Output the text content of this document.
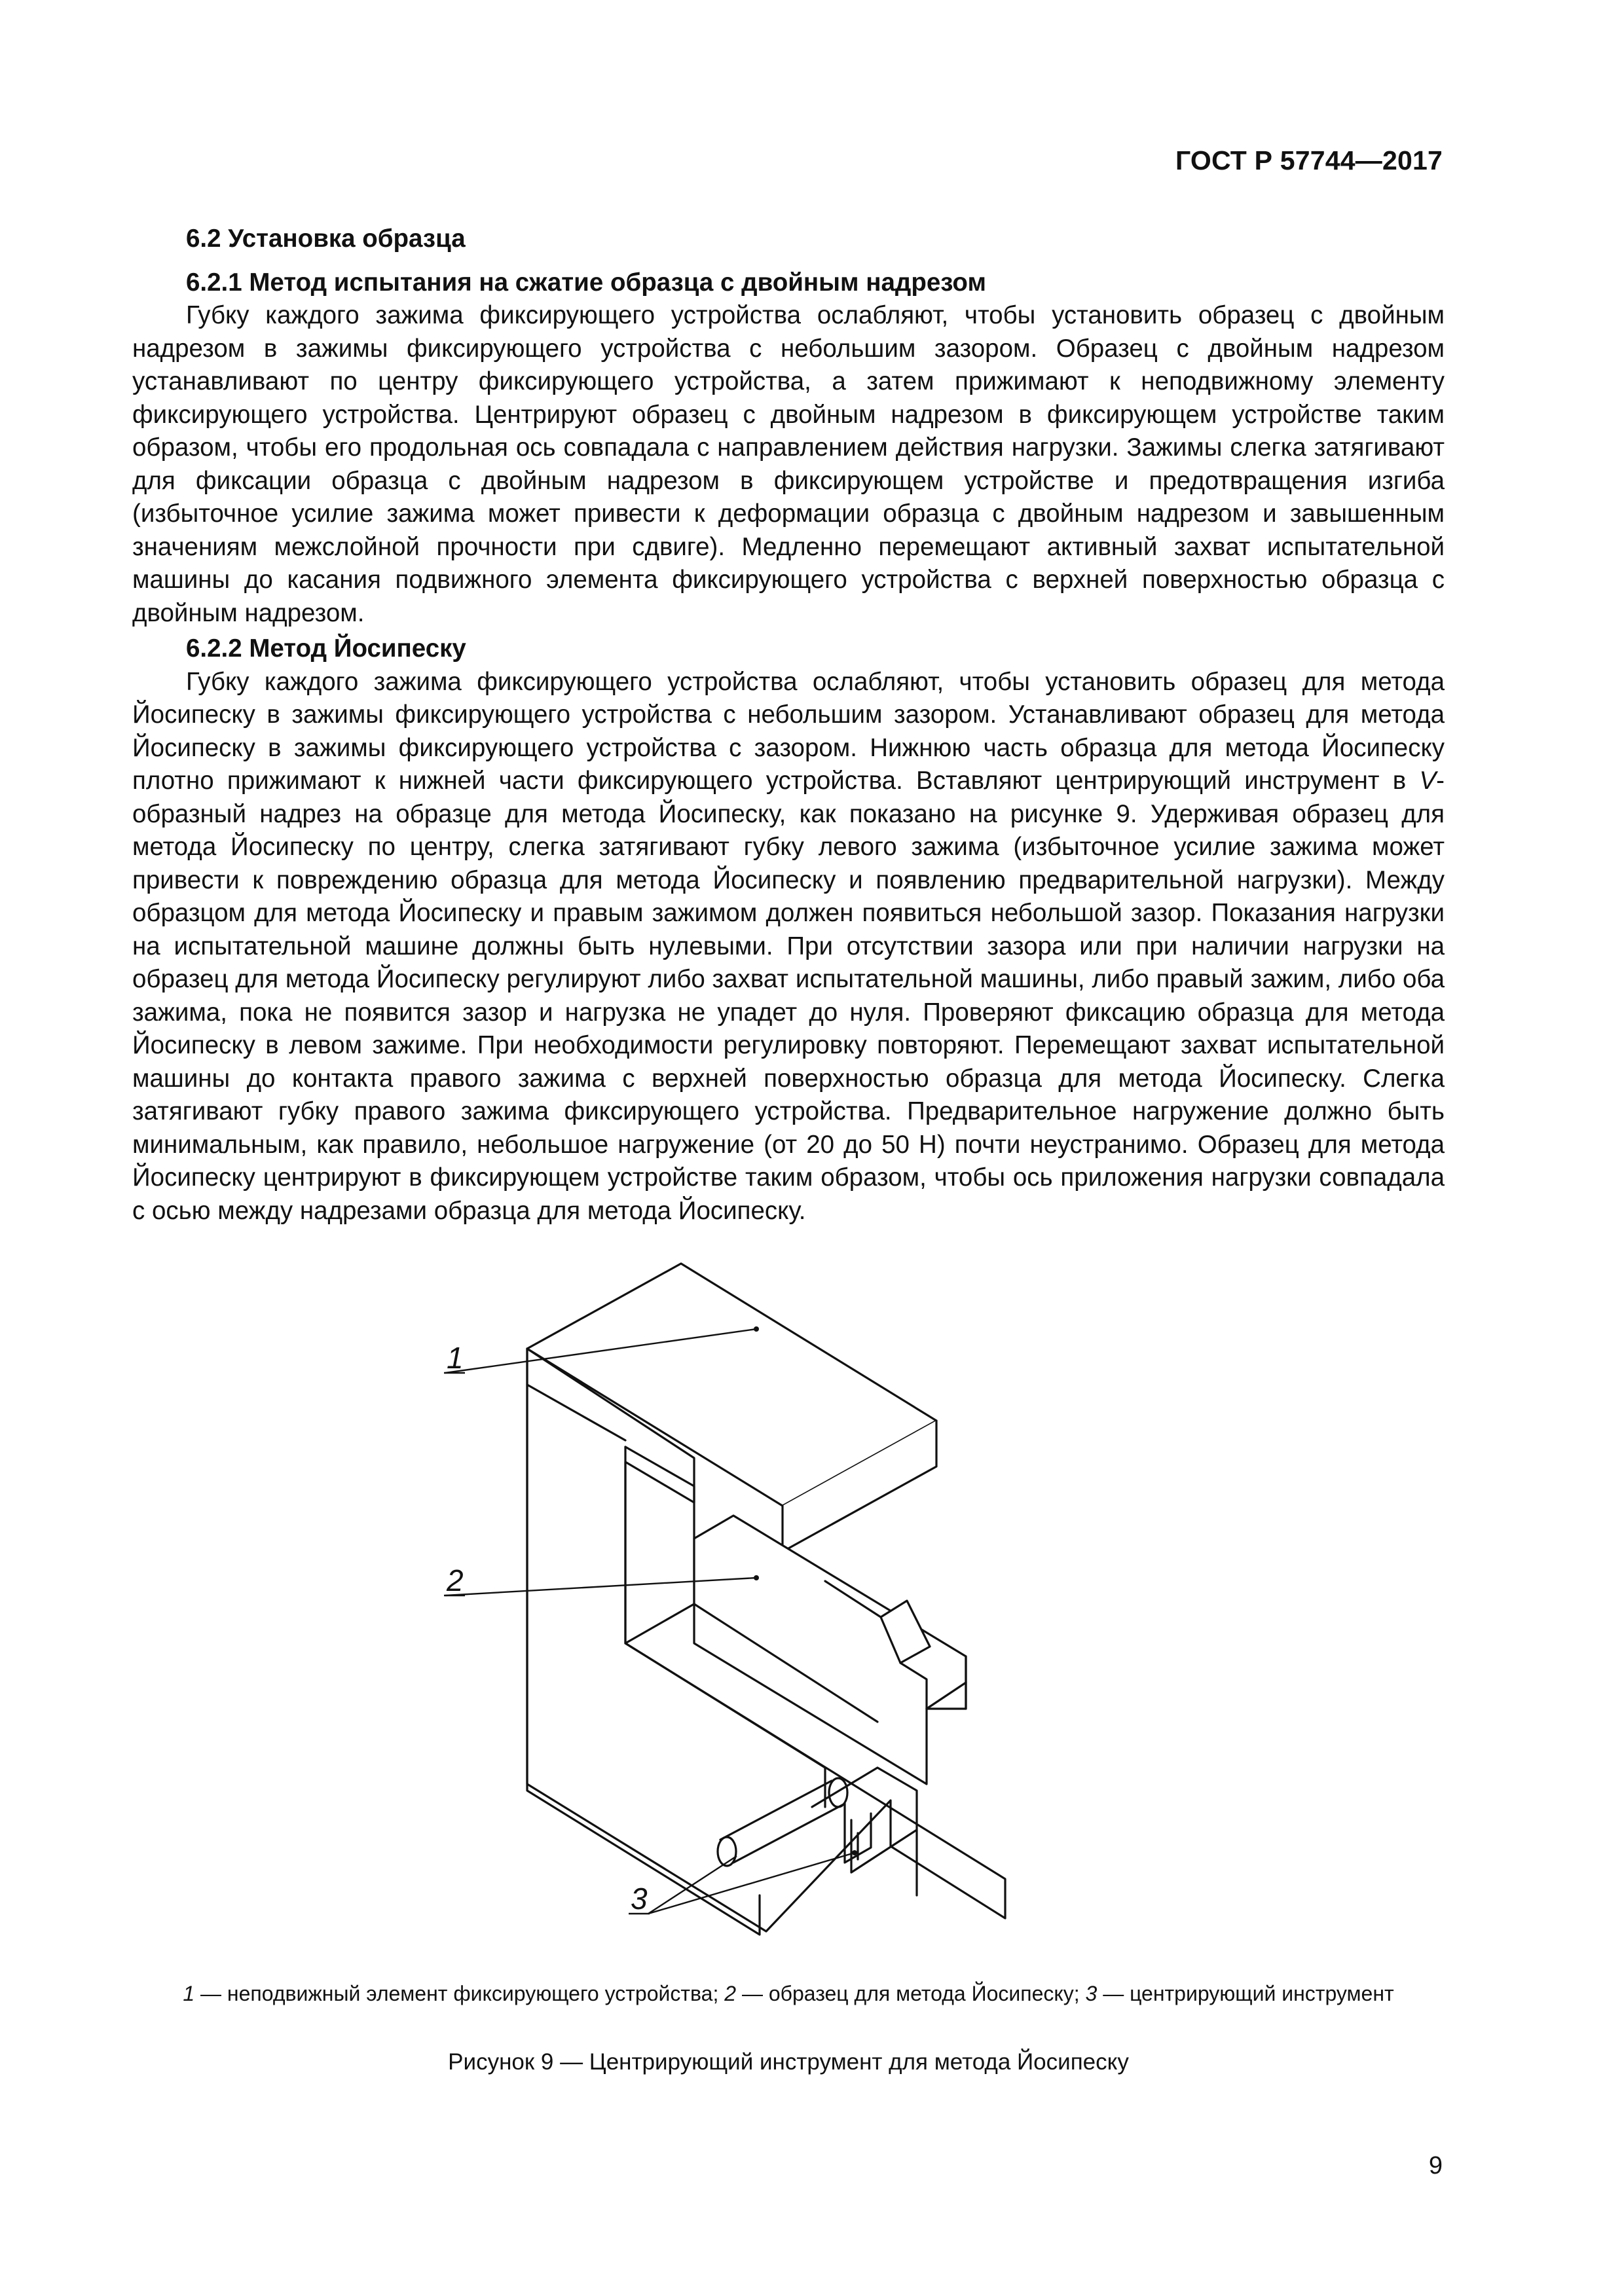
ГОСТ Р 57744—2017

6.2 Установка образца

6.2.1 Метод испытания на сжатие образца с двойным надрезом

Губку каждого зажима фиксирующего устройства ослабляют, чтобы установить образец с двойным надрезом в зажимы фиксирующего устройства с небольшим зазором. Образец с двойным надрезом устанавливают по центру фиксирующего устройства, а затем прижимают к неподвижному элементу фиксирующего устройства. Центрируют образец с двойным надрезом в фиксирующем устройстве таким образом, чтобы его продольная ось совпадала с направлением действия нагрузки. Зажимы слегка затягивают для фиксации образца с двойным надрезом в фиксирующем устройстве и предотвращения изгиба (избыточное усилие зажима может привести к деформации образца с двойным надрезом и завышенным значениям межслойной прочности при сдвиге). Медленно перемещают активный захват испытательной машины до касания подвижного элемента фиксирующего устройства с верхней поверхностью образца с двойным надрезом.

6.2.2 Метод Йосипеску

Губку каждого зажима фиксирующего устройства ослабляют, чтобы установить образец для метода Йосипеску в зажимы фиксирующего устройства с небольшим зазором. Устанавливают образец для метода Йосипеску в зажимы фиксирующего устройства с зазором. Нижнюю часть образца для метода Йосипеску плотно прижимают к нижней части фиксирующего устройства. Вставляют центрирующий инструмент в V-образный надрез на образце для метода Йосипеску, как показано на рисунке 9. Удерживая образец для метода Йосипеску по центру, слегка затягивают губку левого зажима (избыточное усилие зажима может привести к повреждению образца для метода Йосипеску и появлению предварительной нагрузки). Между образцом для метода Йосипеску и правым зажимом должен появиться небольшой зазор. Показания нагрузки на испытательной машине должны быть нулевыми. При отсутствии зазора или при наличии нагрузки на образец для метода Йосипеску регулируют либо захват испытательной машины, либо правый зажим, либо оба зажима, пока не появится зазор и нагрузка не упадет до нуля. Проверяют фиксацию образца для метода Йосипеску в левом зажиме. При необходимости регулировку повторяют. Перемещают захват испытательной машины до контакта правого зажима с верхней поверхностью образца для метода Йосипеску. Слегка затягивают губку правого зажима фиксирующего устройства. Предварительное нагружение должно быть минимальным, как правило, небольшое нагружение (от 20 до 50 Н) почти неустранимо. Образец для метода Йосипеску центрируют в фиксирующем устройстве таким образом, чтобы ось приложения нагрузки совпадала с осью между надрезами образца для метода Йосипеску.

1
2
3
1 — неподвижный элемент фиксирующего устройства; 2 — образец для метода Йосипеску; 3 — центрирующий инструмент
Рисунок 9 — Центрирующий инструмент для метода Йосипеску
9
